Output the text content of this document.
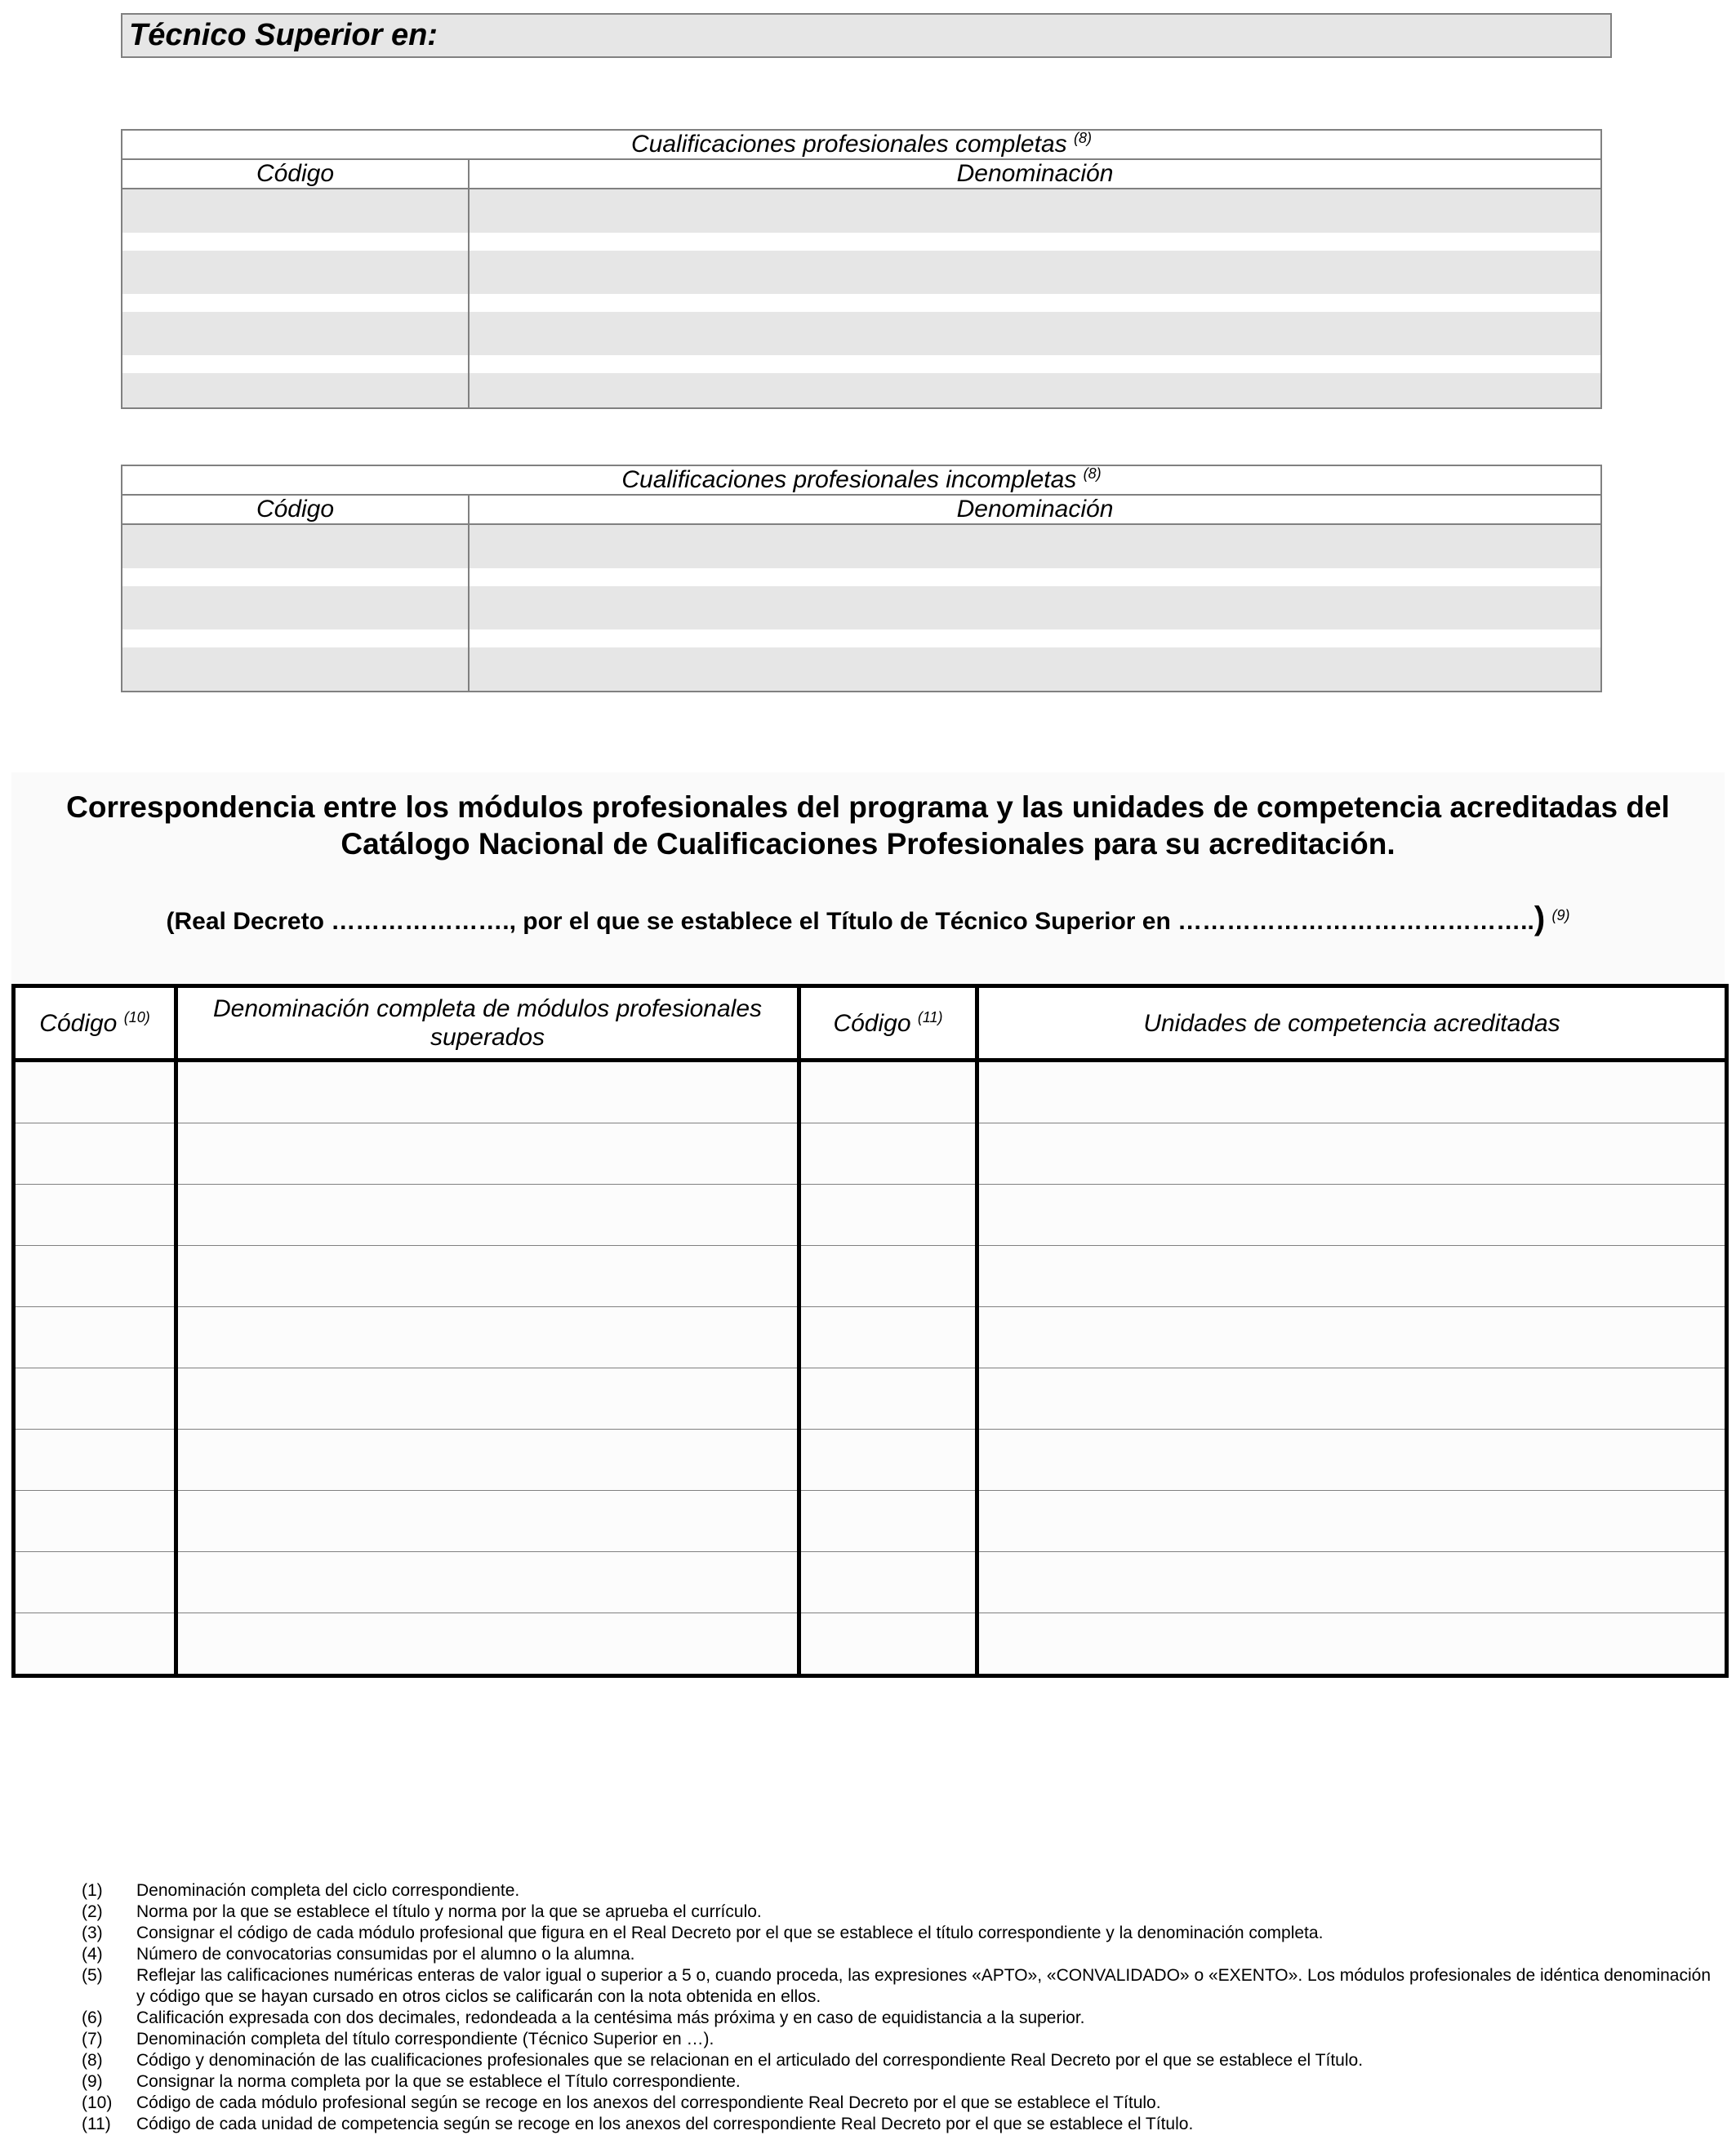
Técnico Superior en:
Cualificaciones profesionales completas $^{(8)}$
Código	Denominación

Cualificaciones profesionales incompletas $^{(8)}$
Código	Denominación

Correspondencia entre los módulos profesionales del programa y las unidades de competencia acreditadas del Catálogo Nacional de Cualificaciones Profesionales para su acreditación.
(Real Decreto …………………., por el que se establece el Título de Técnico Superior en ……………………………………..) $^{(9)}$
Código $^{(10)}$	Denominación completa de módulos profesionales superados	Código $^{(11)}$	Unidades de competencia acreditadas

(1)	Denominación completa del ciclo correspondiente.
(2)	Norma por la que se establece el título y norma por la que se aprueba el currículo.
(3)	Consignar el código de cada módulo profesional que figura en el Real Decreto por el que se establece el título correspondiente y la denominación completa.
(4)	Número de convocatorias consumidas por el alumno o la alumna.
(5)	Reflejar las calificaciones numéricas enteras de valor igual o superior a 5 o, cuando proceda, las expresiones «APTO», «CONVALIDADO» o «EXENTO». Los módulos profesionales de idéntica denominación y código que se hayan cursado en otros ciclos se calificarán con la nota obtenida en ellos.
(6)	Calificación expresada con dos decimales, redondeada a la centésima más próxima y en caso de equidistancia a la superior.
(7)	Denominación completa del título correspondiente (Técnico Superior en …).
(8)	Código y denominación de las cualificaciones profesionales que se relacionan en el articulado del correspondiente Real Decreto por el que se establece el Título.
(9)	Consignar la norma completa por la que se establece el Título correspondiente.
(10)	Código de cada módulo profesional según se recoge en los anexos del correspondiente Real Decreto por el que se establece el Título.
(11)	Código de cada unidad de competencia según se recoge en los anexos del correspondiente Real Decreto por el que se establece el Título.
